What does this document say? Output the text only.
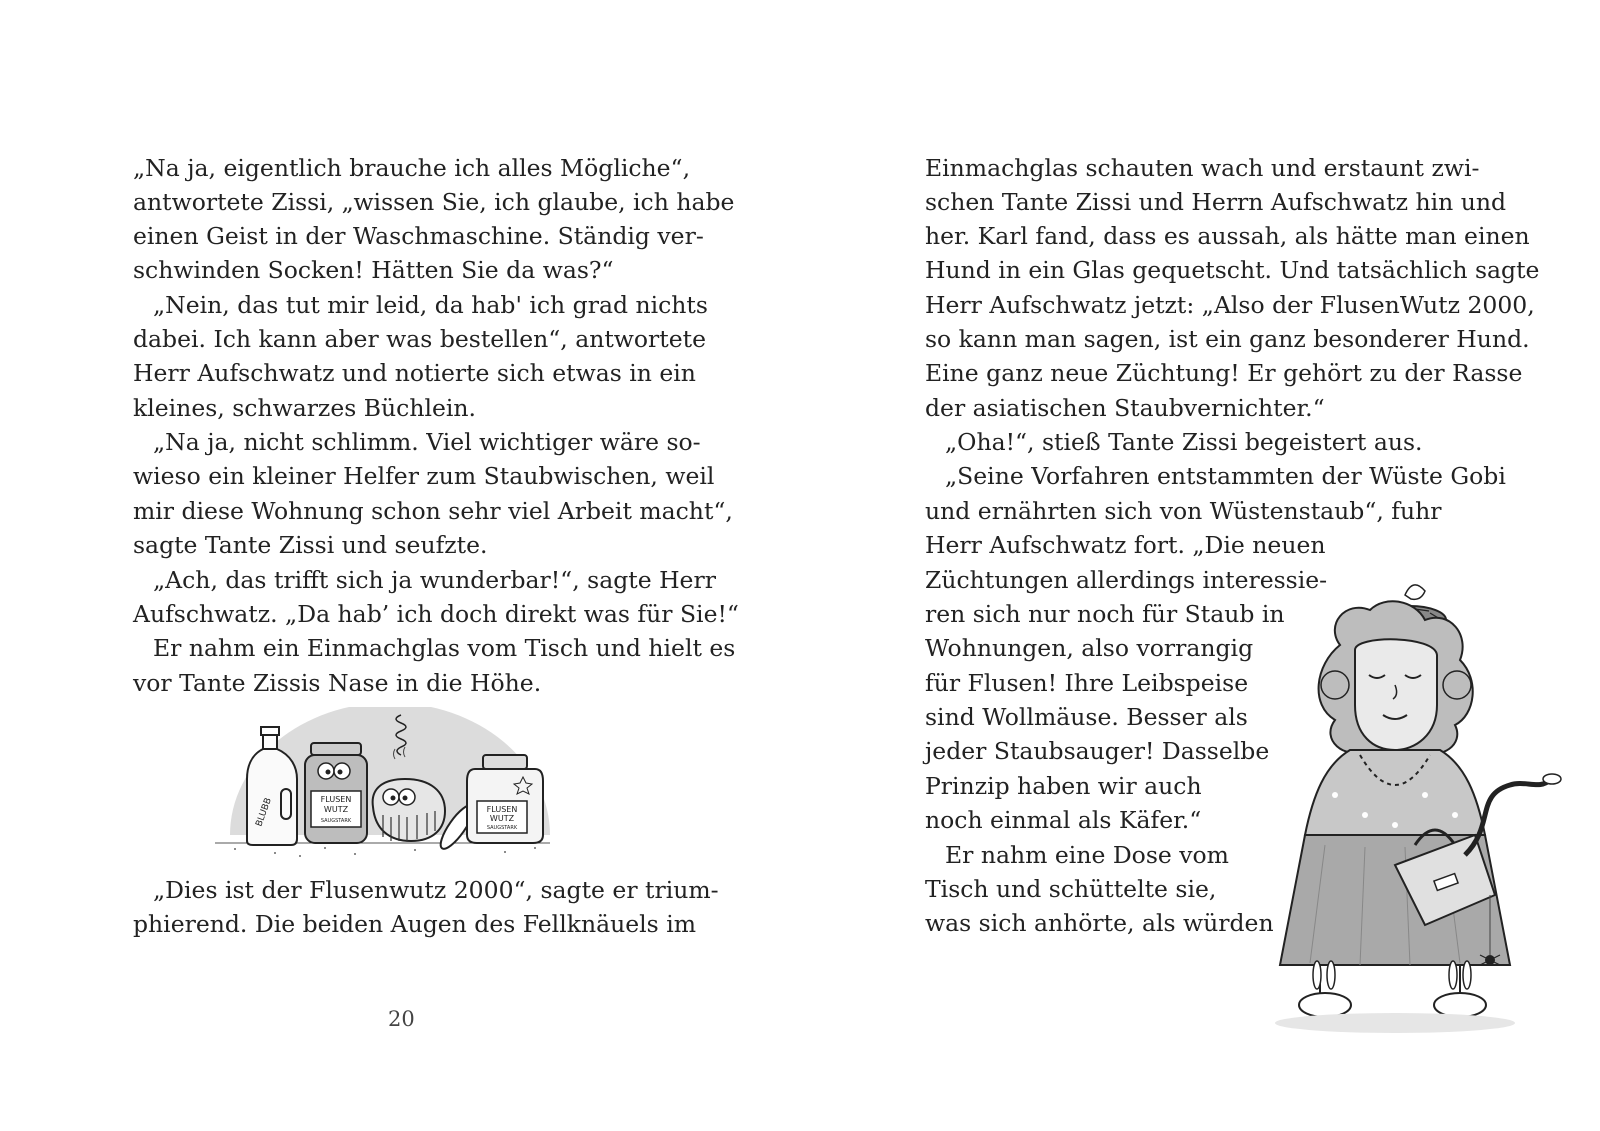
„Na ja, eigentlich brauche ich alles Mögliche“,
antwortete Zissi, „wissen Sie, ich glaube, ich habe
einen Geist in der Waschmaschine. Ständig ver-
schwinden Socken! Hätten Sie da was?“
„Nein, das tut mir leid, da hab' ich grad nichts
dabei. Ich kann aber was bestellen“, antwortete
Herr Aufschwatz und notierte sich etwas in ein
kleines, schwarzes Büchlein.
„Na ja, nicht schlimm. Viel wichtiger wäre so-
wieso ein kleiner Helfer zum Staubwischen, weil
mir diese Wohnung schon sehr viel Arbeit macht“,
sagte Tante Zissi und seufzte.
„Ach, das trifft sich ja wunderbar!“, sagte Herr
Aufschwatz. „Da hab’ ich doch direkt was für Sie!“
Er nahm ein Einmachglas vom Tisch und hielt es
vor Tante Zissis Nase in die Höhe.
BLUBB	FLUSEN
WUTZ
SAUGSTARK
FLUSEN
WUTZ
SAUGSTARK
„Dies ist der Flusenwutz 2000“, sagte er trium-
phierend. Die beiden Augen des Fellknäuels im
20
Einmachglas schauten wach und erstaunt zwi-
schen Tante Zissi und Herrn Aufschwatz hin und
her. Karl fand, dass es aussah, als hätte man einen
Hund in ein Glas gequetscht. Und tatsächlich sagte
Herr Aufschwatz jetzt: „Also der FlusenWutz 2000,
so kann man sagen, ist ein ganz besonderer Hund.
Eine ganz neue Züchtung! Er gehört zu der Rasse
der asiatischen Staubvernichter.“
„Oha!“, stieß Tante Zissi begeistert aus.
„Seine Vorfahren entstammten der Wüste Gobi
und ernährten sich von Wüstenstaub“, fuhr
Herr Aufschwatz fort. „Die neuen
Züchtungen allerdings interessie-
ren sich nur noch für Staub in
Wohnungen, also vorrangig
für Flusen! Ihre Leibspeise
sind Wollmäuse. Besser als
jeder Staubsauger! Dasselbe
Prinzip haben wir auch
noch einmal als Käfer.“
Er nahm eine Dose vom
Tisch und schüttelte sie,
was sich anhörte, als würden
